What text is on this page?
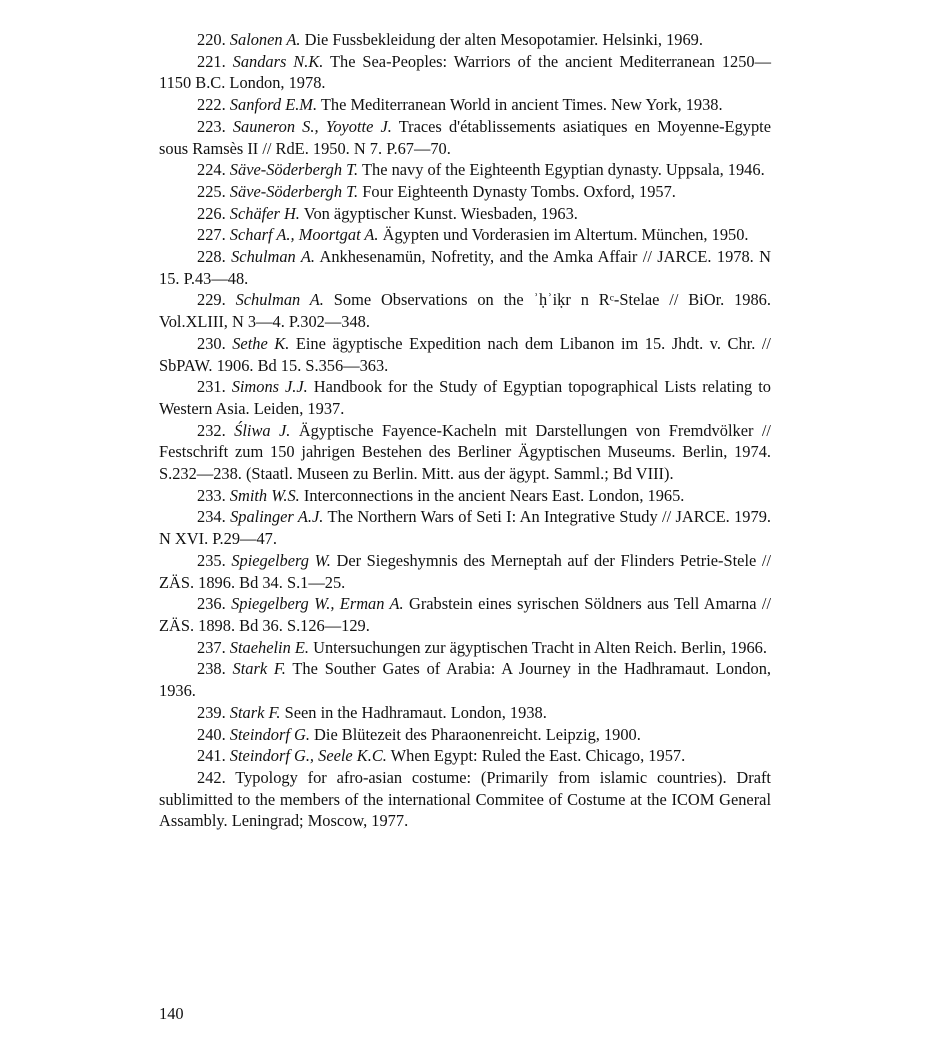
220. Salonen A. Die Fussbekleidung der alten Mesopotamier. Helsinki, 1969.

221. Sandars N.K. The Sea-Peoples: Warriors of the ancient Mediterranean 1250—1150 B.C. London, 1978.

222. Sanford E.M. The Mediterranean World in ancient Times. New York, 1938.

223. Sauneron S., Yoyotte J. Traces d'établissements asiatiques en Moyenne-Egypte sous Ramsès II // RdE. 1950. N 7. P.67—70.

224. Säve-Söderbergh T. The navy of the Eighteenth Egyptian dynasty. Uppsala, 1946.

225. Säve-Söderbergh T. Four Eighteenth Dynasty Tombs. Oxford, 1957.

226. Schäfer H. Von ägyptischer Kunst. Wiesbaden, 1963.

227. Scharf A., Moortgat A. Ägypten und Vorderasien im Altertum. München, 1950.

228. Schulman A. Ankhesenamün, Nofretity, and the Amka Affair // JARCE. 1978. N 15. P.43—48.

229. Schulman A. Some Observations on the ʾḥʾiḳr n Rᶜ-Stelae // BiOr. 1986. Vol.XLIII, N 3—4. P.302—348.

230. Sethe K. Eine ägyptische Expedition nach dem Libanon im 15. Jhdt. v. Chr. // SbPAW. 1906. Bd 15. S.356—363.

231. Simons J.J. Handbook for the Study of Egyptian topographical Lists relating to Western Asia. Leiden, 1937.

232. Śliwa J. Ägyptische Fayence-Kacheln mit Darstellungen von Fremdvölker // Festschrift zum 150 jahrigen Bestehen des Berliner Ägyptischen Museums. Berlin, 1974. S.232—238. (Staatl. Museen zu Berlin. Mitt. aus der ägypt. Samml.; Bd VIII).

233. Smith W.S. Interconnections in the ancient Nears East. London, 1965.

234. Spalinger A.J. The Northern Wars of Seti I: An Integrative Study // JARCE. 1979. N XVI. P.29—47.

235. Spiegelberg W. Der Siegeshymnis des Merneptah auf der Flinders Petrie-Stele // ZÄS. 1896. Bd 34. S.1—25.

236. Spiegelberg W., Erman A. Grabstein eines syrischen Söldners aus Tell Amarna // ZÄS. 1898. Bd 36. S.126—129.

237. Staehelin E. Untersuchungen zur ägyptischen Tracht in Alten Reich. Berlin, 1966.

238. Stark F. The Souther Gates of Arabia: A Journey in the Hadhramaut. London, 1936.

239. Stark F. Seen in the Hadhramaut. London, 1938.

240. Steindorf G. Die Blütezeit des Pharaonenreicht. Leipzig, 1900.

241. Steindorf G., Seele K.C. When Egypt: Ruled the East. Chicago, 1957.

242. Typology for afro-asian costume: (Primarily from islamic countries). Draft sublimitted to the members of the international Commitee of Costume at the ICOM General Assambly. Leningrad; Moscow, 1977.

140
